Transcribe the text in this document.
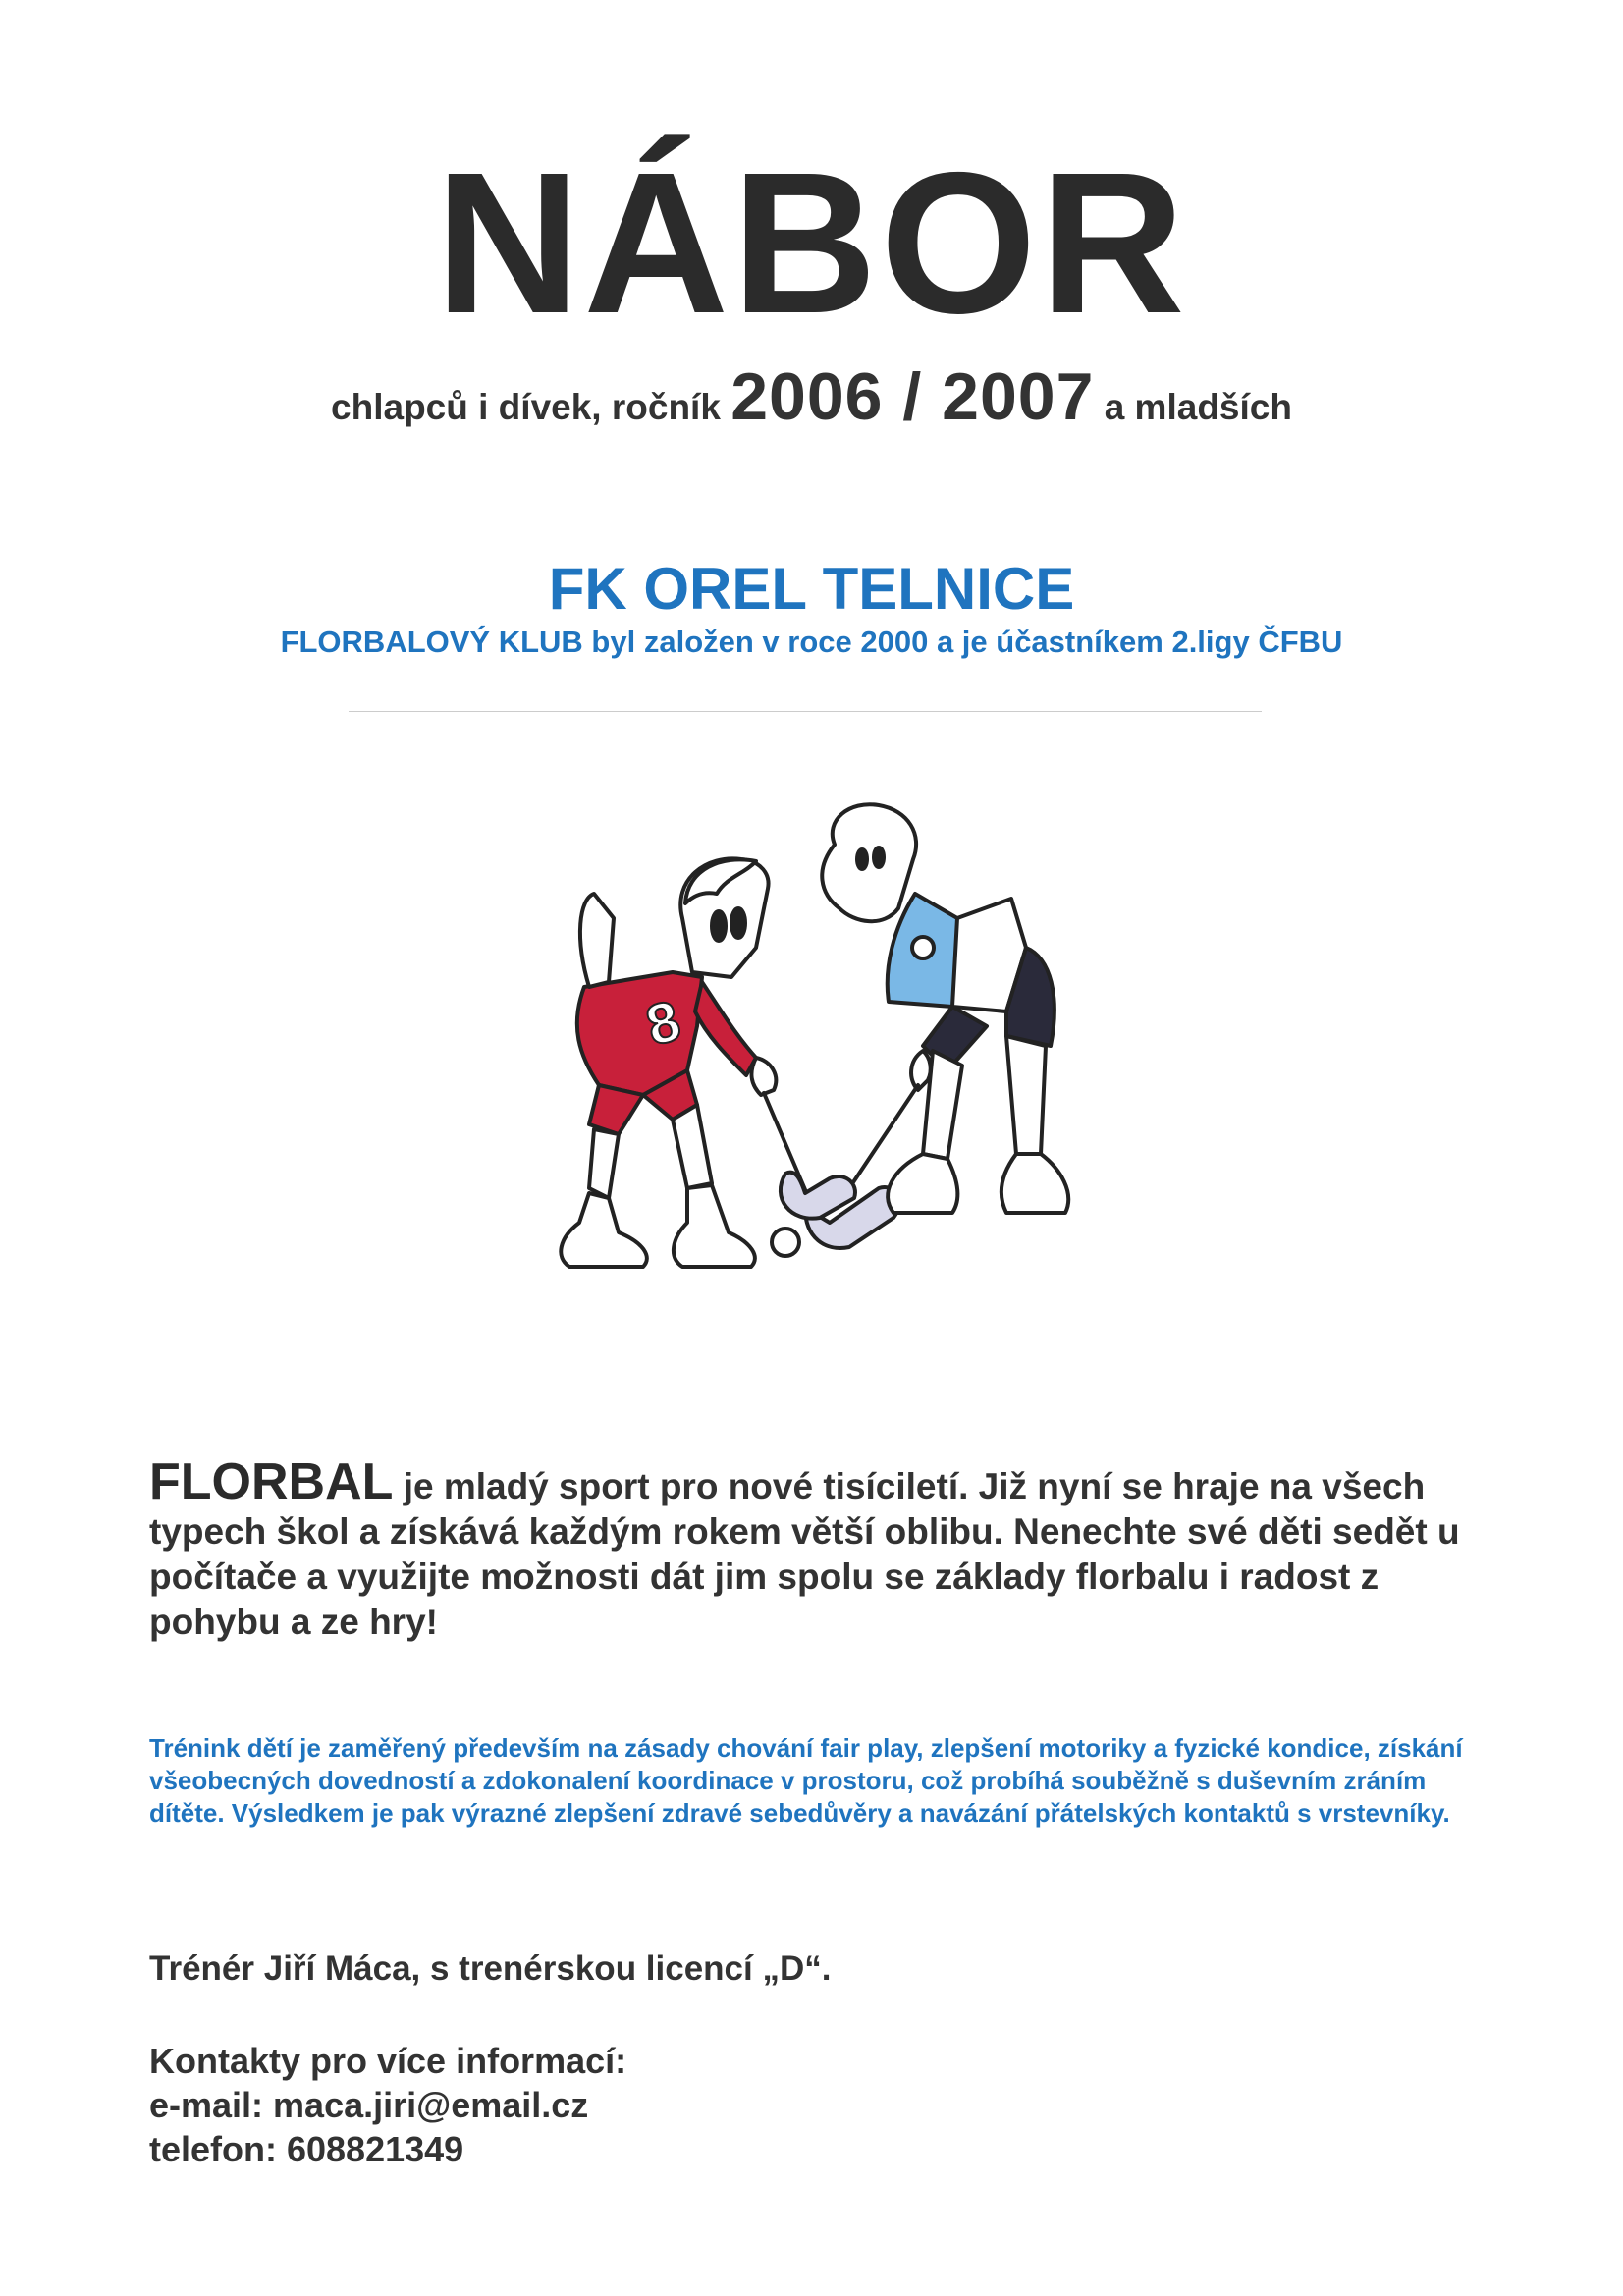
NÁBOR
chlapců i dívek, ročník 2006 / 2007 a mladších
FK OREL TELNICE
FLORBALOVÝ KLUB byl založen v roce 2000 a je účastníkem 2.ligy ČFBU
8
FLORBAL je mladý sport pro nové tisíciletí. Již nyní se hraje na všech typech škol a získává každým rokem větší oblibu. Nenechte své děti sedět u počítače a využijte možnosti dát jim spolu se základy florbalu i radost z pohybu a ze hry!
Trénink dětí je zaměřený především na zásady chování fair play, zlepšení motoriky a fyzické kondice, získání všeobecných dovedností a zdokonalení koordinace v prostoru, což probíhá souběžně s duševním zráním dítěte. Výsledkem je pak výrazné zlepšení zdravé sebedůvěry a navázání přátelských kontaktů s vrstevníky.
Trénér Jiří Máca, s trenérskou licencí „D“.
Kontakty pro více informací:
e-mail: maca.jiri@email.cz
telefon: 608821349
